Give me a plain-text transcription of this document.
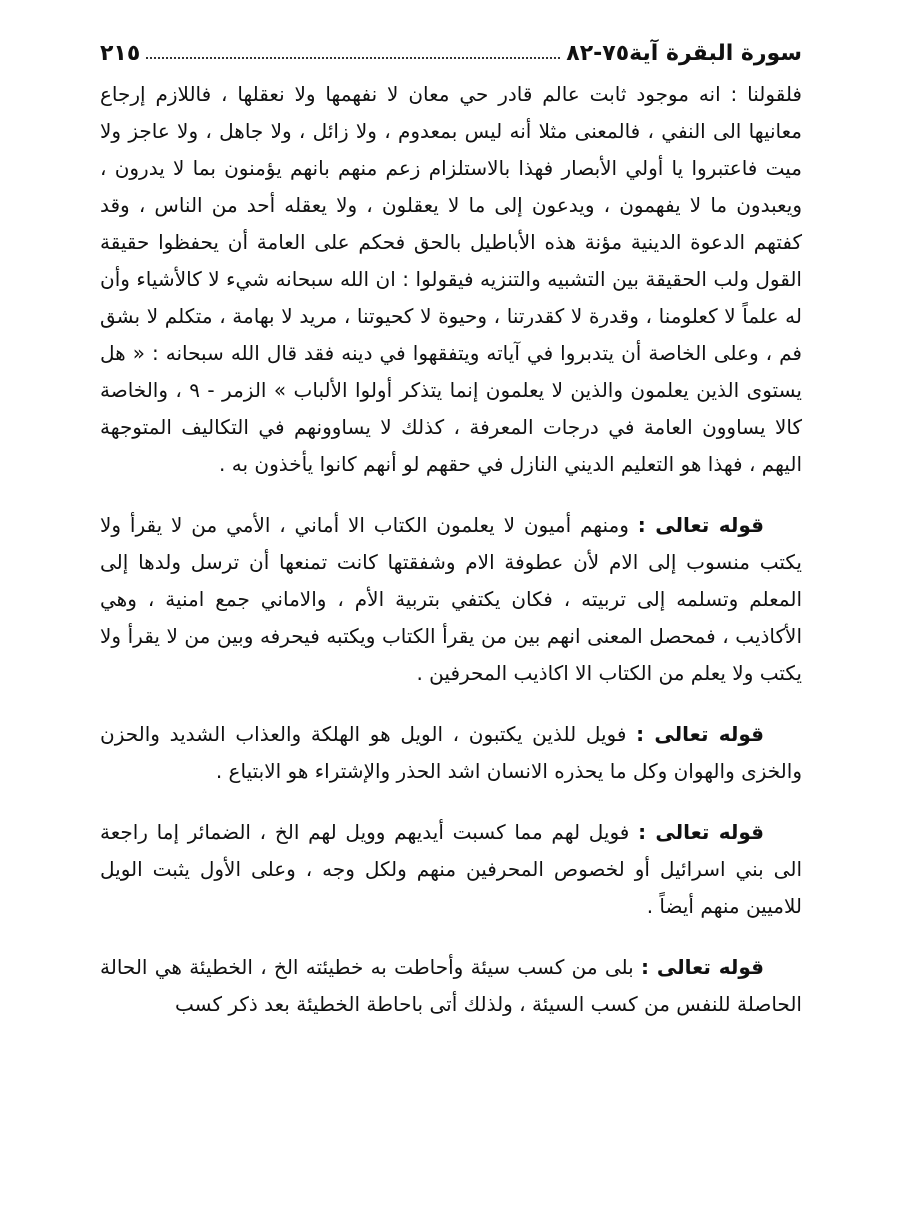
سورة البقرة آية٧٥-٨٢
٢١٥

فلقولنا : انه موجود ثابت عالم قادر حي معان لا نفهمها ولا نعقلها ، فاللازم إرجاع معانيها الى النفي ، فالمعنى مثلا أنه ليس بمعدوم ، ولا زائل ، ولا جاهل ، ولا عاجز ولا ميت فاعتبروا يا أولي الأبصار فهذا بالاستلزام زعم منهم بانهم يؤمنون بما لا يدرون ، ويعبدون ما لا يفهمون ، ويدعون إلى ما لا يعقلون ، ولا يعقله أحد من الناس ، وقد كفتهم الدعوة الدينية مؤنة هذه الأباطيل بالحق فحكم على العامة أن يحفظوا حقيقة القول ولب الحقيقة بين التشبيه والتنزيه فيقولوا : ان الله سبحانه شيء لا كالأشياء وأن له علماً لا كعلومنا ، وقدرة لا كقدرتنا ، وحيوة لا كحيوتنا ، مريد لا بهامة ، متكلم لا بشق فم ، وعلى الخاصة أن يتدبروا في آياته ويتفقهوا في دينه فقد قال الله سبحانه : « هل يستوى الذين يعلمون والذين لا يعلمون إنما يتذكر أولوا الألباب » الزمر - ٩ ، والخاصة كالا يساوون العامة في درجات المعرفة ، كذلك لا يساوونهم في التكاليف المتوجهة اليهم ، فهذا هو التعليم الديني النازل في حقهم لو أنهم كانوا يأخذون به .

قوله تعالى : ومنهم أميون لا يعلمون الكتاب الا أماني ، الأمي من لا يقرأ ولا يكتب منسوب إلى الام لأن عطوفة الام وشفقتها كانت تمنعها أن ترسل ولدها إلى المعلم وتسلمه إلى تربيته ، فكان يكتفي بتربية الأم ، والاماني جمع امنية ، وهي الأكاذيب ، فمحصل المعنى انهم بين من يقرأ الكتاب ويكتبه فيحرفه وبين من لا يقرأ ولا يكتب ولا يعلم من الكتاب الا اكاذيب المحرفين .

قوله تعالى : فويل للذين يكتبون ، الويل هو الهلكة والعذاب الشديد والحزن والخزى والهوان وكل ما يحذره الانسان اشد الحذر والإشتراء هو الابتياع .

قوله تعالى : فويل لهم مما كسبت أيديهم وويل لهم الخ ، الضمائر إما راجعة الى بني اسرائيل أو لخصوص المحرفين منهم ولكل وجه ، وعلى الأول يثبت الويل للاميين منهم أيضاً .

قوله تعالى : بلى من كسب سيئة وأحاطت به خطيئته الخ ، الخطيئة هي الحالة الحاصلة للنفس من كسب السيئة ، ولذلك أتى باحاطة الخطيئة بعد ذكر كسب
